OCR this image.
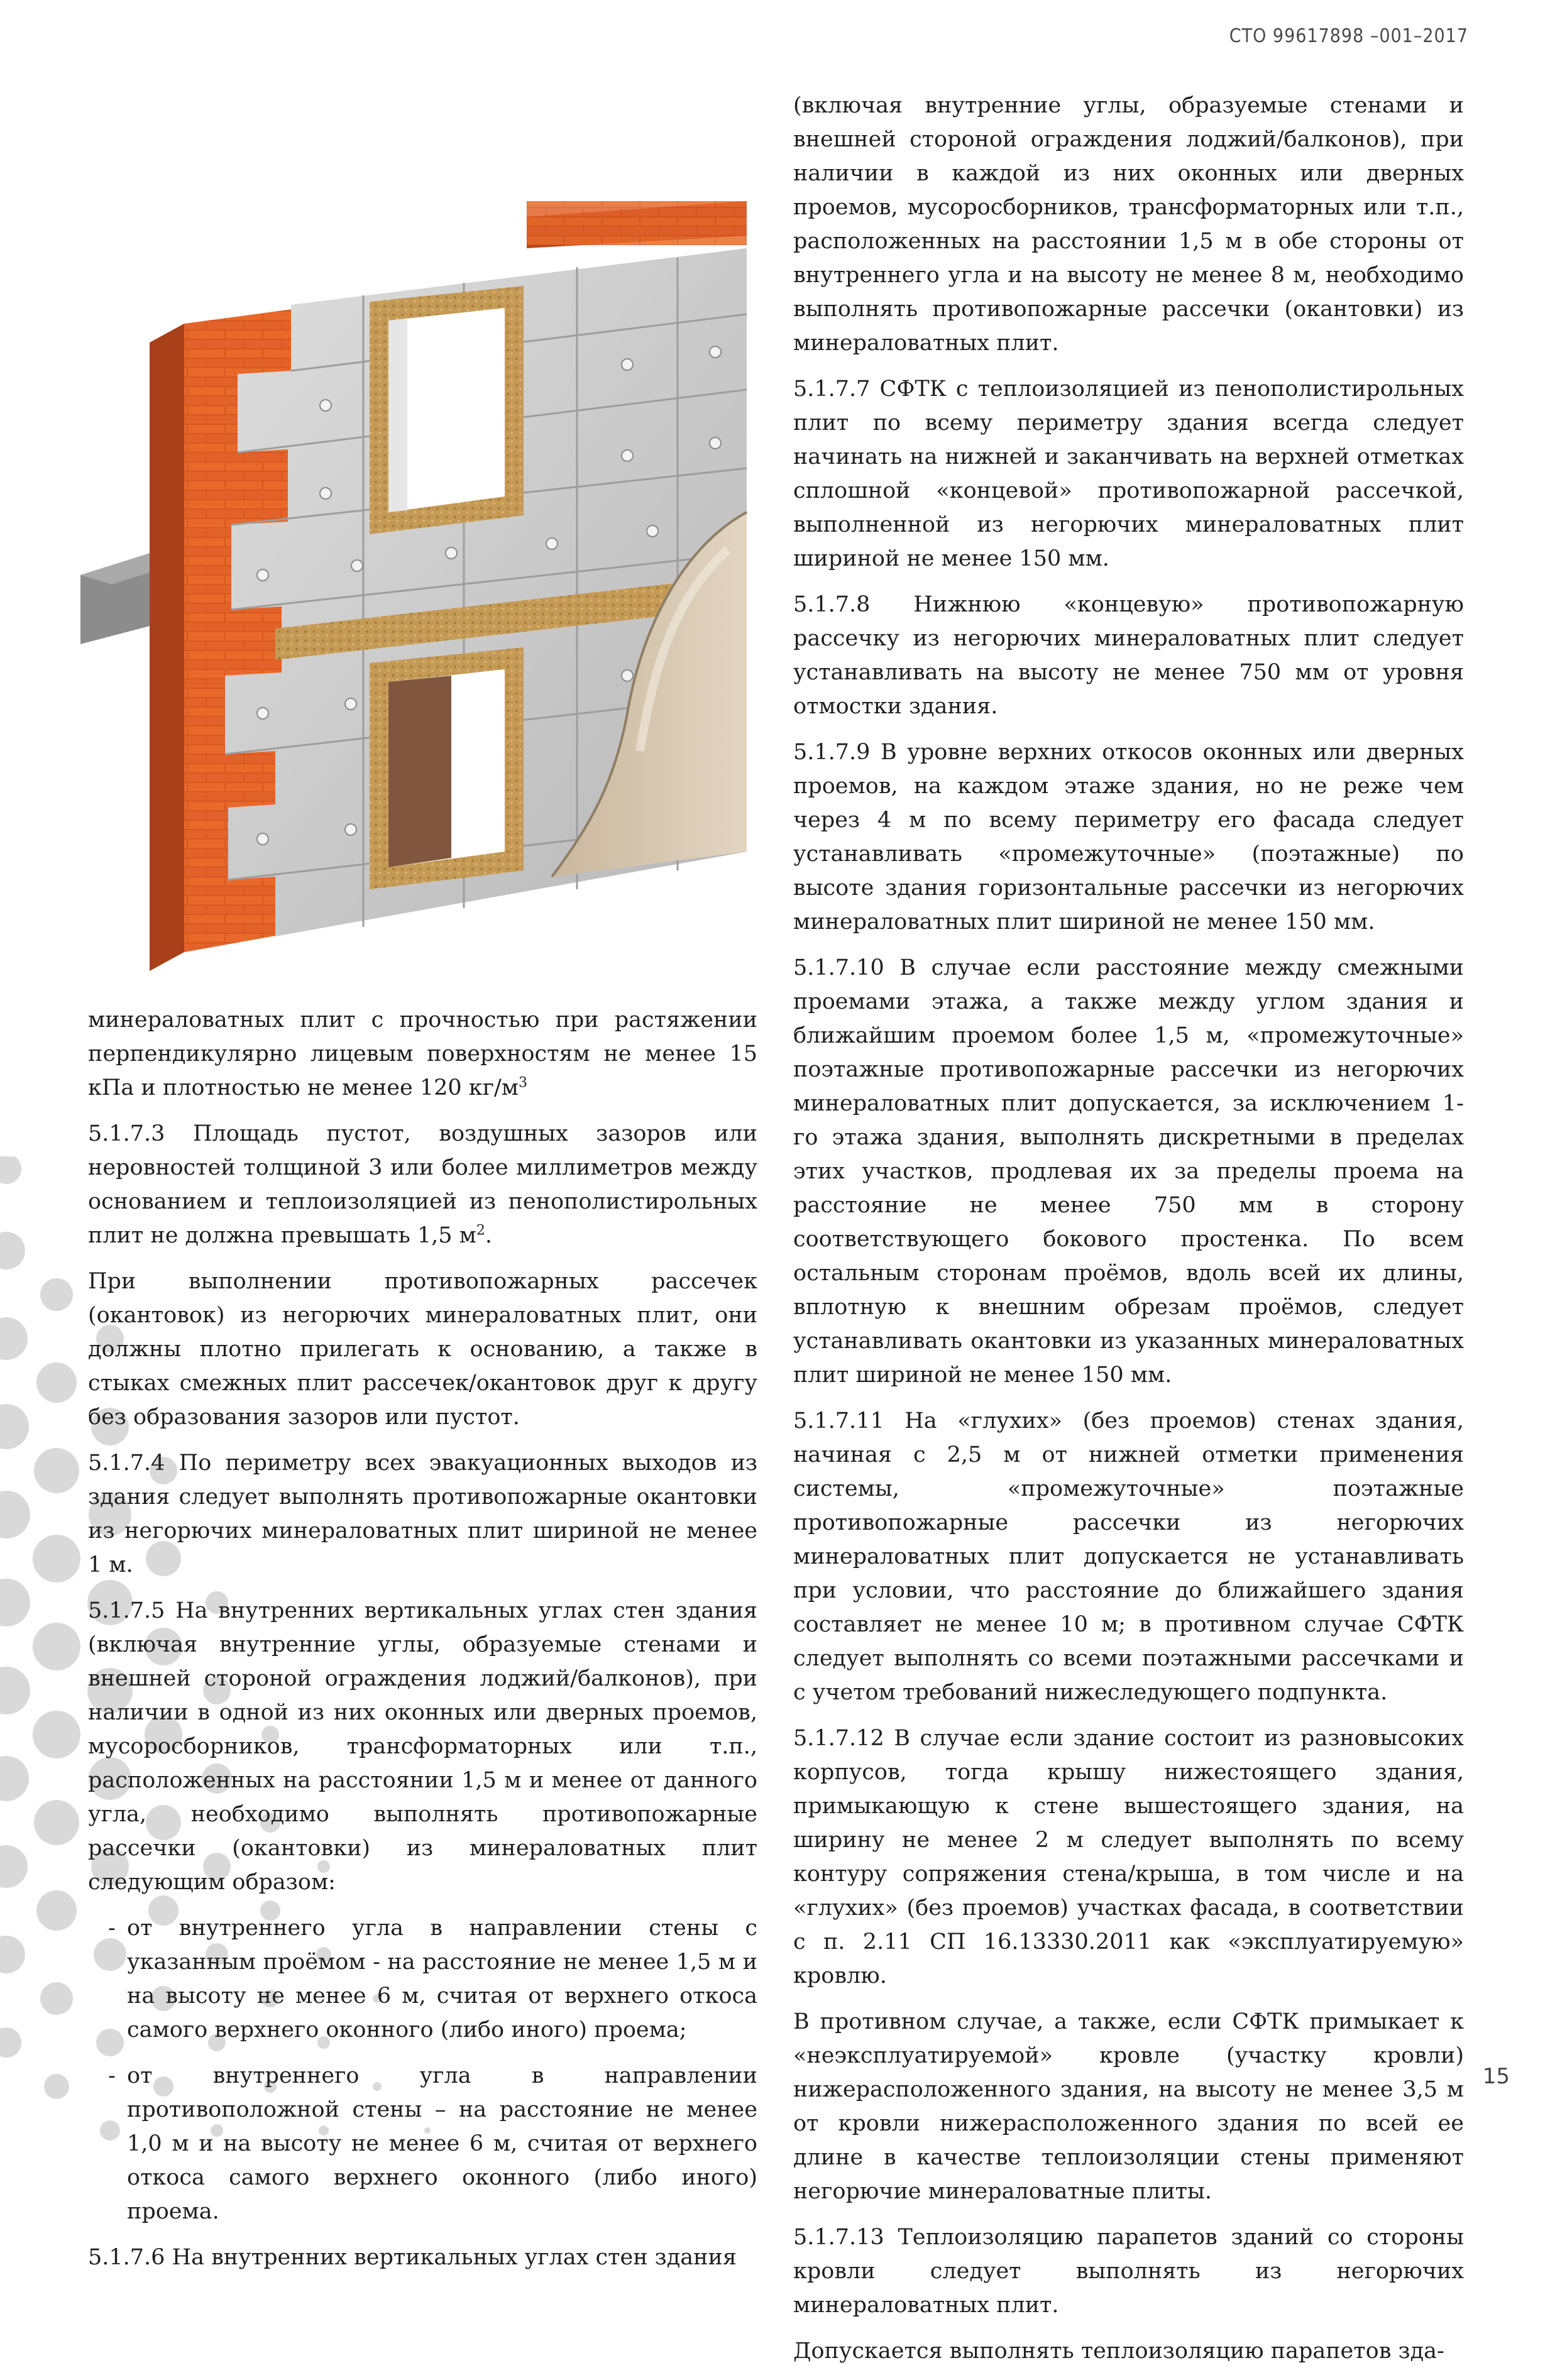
СТО 99617898 –001–2017

минераловатных плит с прочностью при растяжении перпендикулярно лицевым поверхностям не менее 15 кПа и плотностью не менее 120 $кг/м^3$

5.1.7.3 Площадь пустот, воздушных зазоров или неровностей толщиной 3 или более миллиметров между основанием и теплоизоляцией из пенополистирольных плит не должна превышать 1,5 $м^2$.

При выполнении противопожарных рассечек (окантовок) из негорючих минераловатных плит, они должны плотно прилегать к основанию, а также в стыках смежных плит рассечек/окантовок друг к другу без образования зазоров или пустот.

5.1.7.4 По периметру всех эвакуационных выходов из здания следует выполнять противопожарные окантовки из негорючих минераловатных плит шириной не менее 1 м.

5.1.7.5 На внутренних вертикальных углах стен здания (включая внутренние углы, образуемые стенами и внешней стороной ограждения лоджий/балконов), при наличии в одной из них оконных или дверных проемов, мусоросборников, трансформаторных или т.п., расположенных на расстоянии 1,5 м и менее от данного угла, необходимо выполнять противопожарные рассечки (окантовки) из минераловатных плит следующим образом:

- от внутреннего угла в направлении стены с указанным проёмом - на расстояние не менее 1,5 м и на высоту не менее 6 м, считая от верхнего откоса самого верхнего оконного (либо иного) проема;
- от внутреннего угла в направлении противоположной стены – на расстояние не менее 1,0 м и на высоту не менее 6 м, считая от верхнего откоса самого верхнего оконного (либо иного) проема.

5.1.7.6 На внутренних вертикальных углах стен здания

(включая внутренние углы, образуемые стенами и внешней стороной ограждения лоджий/балконов), при наличии в каждой из них оконных или дверных проемов, мусоросборников, трансформаторных или т.п., расположенных на расстоянии 1,5 м в обе стороны от внутреннего угла и на высоту не менее 8 м, необходимо выполнять противопожарные рассечки (окантовки) из минераловатных плит.

5.1.7.7 СФТК с теплоизоляцией из пенополистирольных плит по всему периметру здания всегда следует начинать на нижней и заканчивать на верхней отметках сплошной «концевой» противопожарной рассечкой, выполненной из негорючих минераловатных плит шириной не менее 150 мм.

5.1.7.8 Нижнюю «концевую» противопожарную рассечку из негорючих минераловатных плит следует устанавливать на высоту не менее 750 мм от уровня отмостки здания.

5.1.7.9 В уровне верхних откосов оконных или дверных проемов, на каждом этаже здания, но не реже чем через 4 м по всему периметру его фасада следует устанавливать «промежуточные» (поэтажные) по высоте здания горизонтальные рассечки из негорючих минераловатных плит шириной не менее 150 мм.

5.1.7.10 В случае если расстояние между смежными проемами этажа, а также между углом здания и ближайшим проемом более 1,5 м, «промежуточные» поэтажные противопожарные рассечки из негорючих минераловатных плит допускается, за исключением 1-го этажа здания, выполнять дискретными в пределах этих участков, продлевая их за пределы проема на расстояние не менее 750 мм в сторону соответствующего бокового простенка. По всем остальным сторонам проёмов, вдоль всей их длины, вплотную к внешним обрезам проёмов, следует устанавливать окантовки из указанных минераловатных плит шириной не менее 150 мм.

5.1.7.11 На «глухих» (без проемов) стенах здания, начиная с 2,5 м от нижней отметки применения системы, «промежуточные» поэтажные противопожарные рассечки из негорючих минераловатных плит допускается не устанавливать при условии, что расстояние до ближайшего здания составляет не менее 10 м; в противном случае СФТК следует выполнять со всеми поэтажными рассечками и с учетом требований нижеследующего подпункта.

5.1.7.12 В случае если здание состоит из разновысоких корпусов, тогда крышу нижестоящего здания, примыкающую к стене вышестоящего здания, на ширину не менее 2 м следует выполнять по всему контуру сопряжения стена/крыша, в том числе и на «глухих» (без проемов) участках фасада, в соответствии с п. 2.11 СП 16.13330.2011 как «эксплуатируемую» кровлю.

В противном случае, а также, если СФТК примыкает к «неэксплуатируемой» кровле (участку кровли) нижерасположенного здания, на высоту не менее 3,5 м от кровли нижерасположенного здания по всей ее длине в качестве теплоизоляции стены применяют негорючие минераловатные плиты.

5.1.7.13 Теплоизоляцию парапетов зданий со стороны кровли следует выполнять из негорючих минераловатных плит.

Допускается выполнять теплоизоляцию парапетов зда-

15
